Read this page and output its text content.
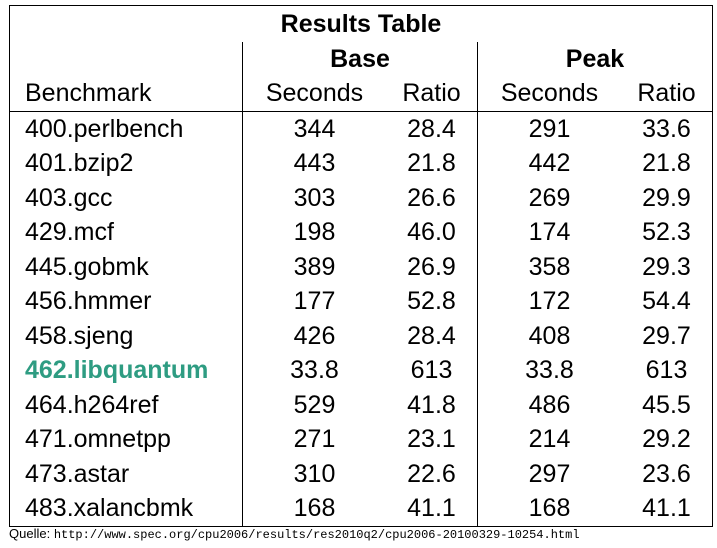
Results Table				
	Base		Peak	
Benchmark	Seconds	Ratio	Seconds	Ratio
400.perlbench	344	28.4	291	33.6
401.bzip2	443	21.8	442	21.8
403.gcc	303	26.6	269	29.9
429.mcf	198	46.0	174	52.3
445.gobmk	389	26.9	358	29.3
456.hmmer	177	52.8	172	54.4
458.sjeng	426	28.4	408	29.7
462.libquantum	33.8	613	33.8	613
464.h264ref	529	41.8	486	45.5
471.omnetpp	271	23.1	214	29.2
473.astar	310	22.6	297	23.6
483.xalancbmk	168	41.1	168	41.1
Quelle: http://www.spec.org/cpu2006/results/res2010q2/cpu2006-20100329-10254.html
